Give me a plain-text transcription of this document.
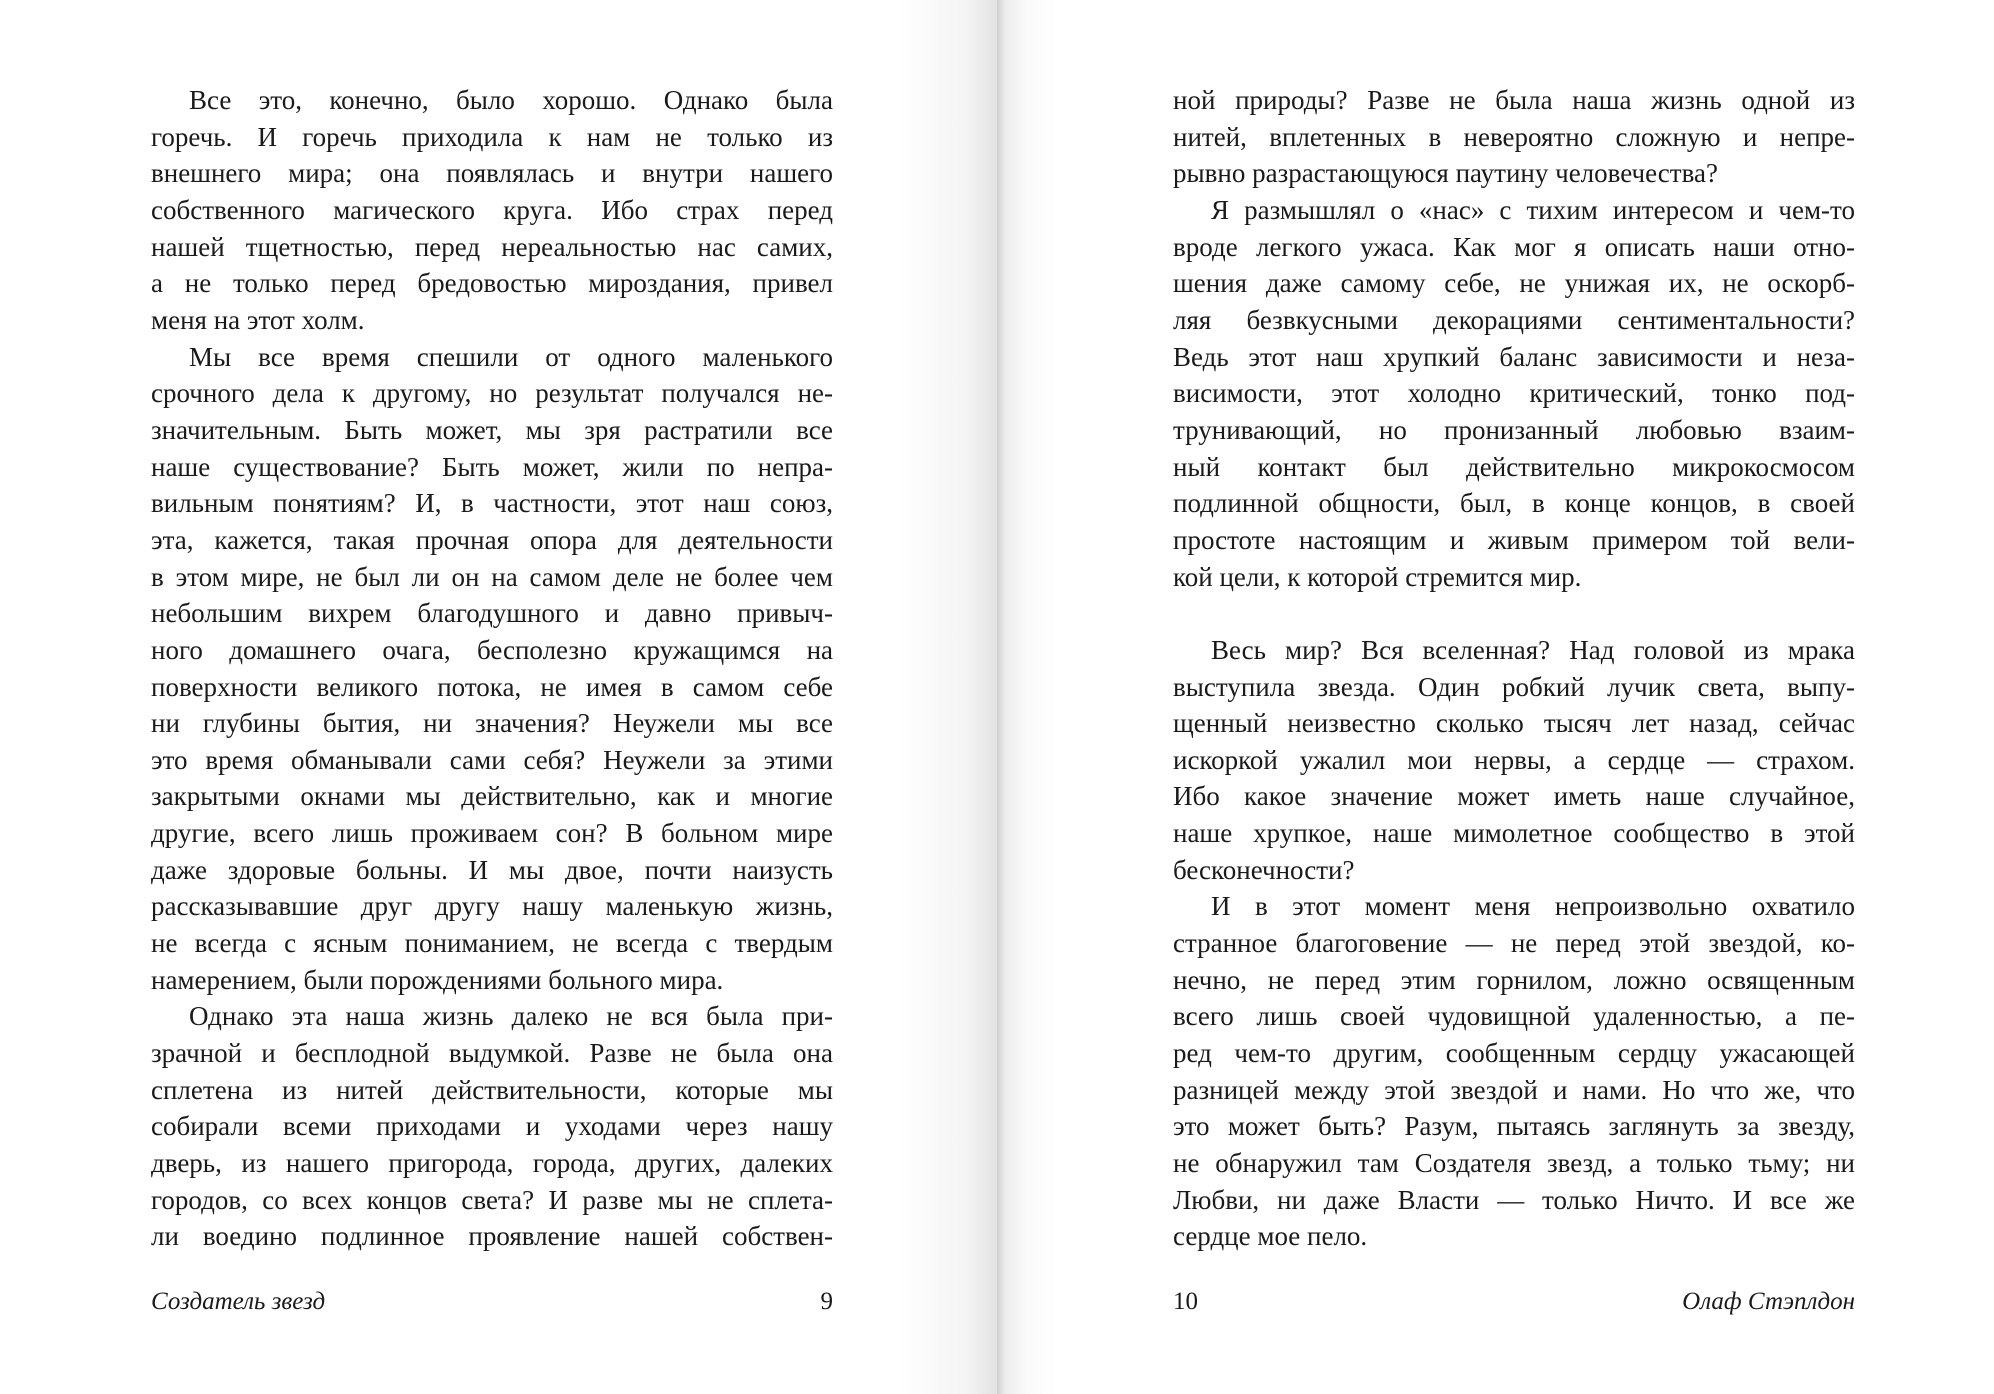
Все это, конечно, было хорошо. Однако была
горечь. И горечь приходила к нам не только из
внешнего мира; она появлялась и внутри нашего
собственного магического круга. Ибо страх перед
нашей тщетностью, перед нереальностью нас самих,
а не только перед бредовостью мироздания, привел
меня на этот холм.
Мы все время спешили от одного маленького
срочного дела к другому, но результат получался не-
значительным. Быть может, мы зря растратили все
наше существование? Быть может, жили по непра-
вильным понятиям? И, в частности, этот наш союз,
эта, кажется, такая прочная опора для деятельности
в этом мире, не был ли он на самом деле не более чем
небольшим вихрем благодушного и давно привыч-
ного домашнего очага, бесполезно кружащимся на
поверхности великого потока, не имея в самом себе
ни глубины бытия, ни значения? Неужели мы все
это время обманывали сами себя? Неужели за этими
закрытыми окнами мы действительно, как и многие
другие, всего лишь проживаем сон? В больном мире
даже здоровые больны. И мы двое, почти наизусть
рассказывавшие друг другу нашу маленькую жизнь,
не всегда с ясным пониманием, не всегда с твердым
намерением, были порождениями больного мира.
Однако эта наша жизнь далеко не вся была при-
зрачной и бесплодной выдумкой. Разве не была она
сплетена из нитей действительности, которые мы
собирали всеми приходами и уходами через нашу
дверь, из нашего пригорода, города, других, далеких
городов, со всех концов света? И разве мы не сплета-
ли воедино подлинное проявление нашей собствен-
Создатель звезд	9
ной природы? Разве не была наша жизнь одной из
нитей, вплетенных в невероятно сложную и непре-
рывно разрастающуюся паутину человечества?
Я размышлял о «нас» с тихим интересом и чем-то
вроде легкого ужаса. Как мог я описать наши отно-
шения даже самому себе, не унижая их, не оскорб-
ляя безвкусными декорациями сентиментальности?
Ведь этот наш хрупкий баланс зависимости и неза-
висимости, этот холодно критический, тонко под-
трунивающий, но пронизанный любовью взаим-
ный контакт был действительно микрокосмосом
подлинной общности, был, в конце концов, в своей
простоте настоящим и живым примером той вели-
кой цели, к которой стремится мир.
Весь мир? Вся вселенная? Над головой из мрака
выступила звезда. Один робкий лучик света, выпу-
щенный неизвестно сколько тысяч лет назад, сейчас
искоркой ужалил мои нервы, а сердце — страхом.
Ибо какое значение может иметь наше случайное,
наше хрупкое, наше мимолетное сообщество в этой
бесконечности?
И в этот момент меня непроизвольно охватило
странное благоговение — не перед этой звездой, ко-
нечно, не перед этим горнилом, ложно освященным
всего лишь своей чудовищной удаленностью, а пе-
ред чем-то другим, сообщенным сердцу ужасающей
разницей между этой звездой и нами. Но что же, что
это может быть? Разум, пытаясь заглянуть за звезду,
не обнаружил там Создателя звезд, а только тьму; ни
Любви, ни даже Власти — только Ничто. И все же
сердце мое пело.
10	Олаф Стэплдон
